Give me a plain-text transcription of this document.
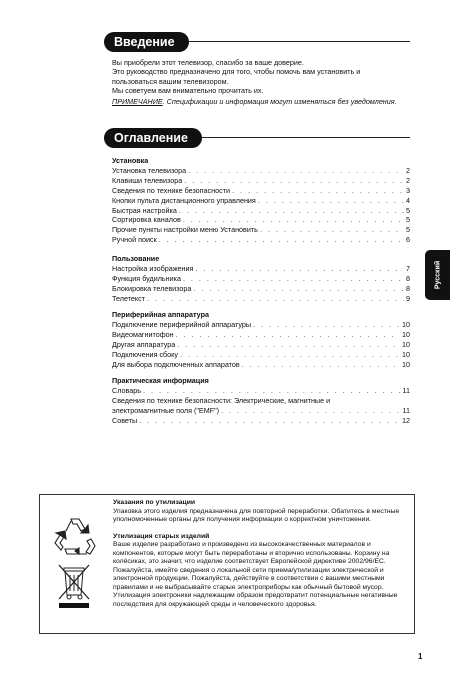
Введение

Вы приобрели этот телевизор, спасибо за ваше доверие.

Это руководство предназначено для того, чтобы помочь вам установить и пользоваться вашим телевизором.

Мы советуем вам внимательно прочитать их.

ПРИМЕЧАНИЕ. Спецификации и информация могут изменяться без уведомления.

Оглавление
Установка
Установка телевизора . . .	2
Клавиши телевизора . . .	2
Сведения по технике безопасности . . .	3
Кнопки пульта дистанционного управления . . .	4
Быстрая настройка . . .	5
Сортировка каналов . . .	5
Прочие пункты настройки меню Установить . . .	5
Ручной поиск . . .	6
Пользование
Настройка изображения . . .	7
Функция будильника . . .	8
Блокировка телевизора . . .	8
Телетекст . . .	9
Периферийная аппаратура
Подключение периферийной аппаратуры . . .	10
Видеомагнитофон . . .	10
Другая аппаратура . . .	10
Подключения сбоку . . .	10
Для выбора подключенных аппаратов . . .	10
Практическая информация
Словарь . . .	11
Сведения по технике безопасности: Электрические, магнитные и
электромагнитные поля ("EMF") . . .	11
Советы . . .	12
Русский

Указания по утилизации

Упаковка этого изделия предназначена для повторной переработки. Обатитесь в местные уполномоченные органы для получения информации о корректном уничтожении.

Утилизация старых изделий

Ваше изделие разработано и произведено из высококачественных материалов и компонентов, которые могут быть переработаны и вторично использованы. Корзину на колёсиках, это значит, что изделие соответствует Европейской директиве 2002/96/EC. Пожалуйста, имейте сведения о локальной сети приема/утилизации электрической и электронной продукции. Пожалуйста, действуйте в соответствии с вашими местными правилами и не выбрасывайте старые электроприборы как обычный бытовой мусор.

Утилизация электроники надлежащим образом предотвратит потенциальные негативные последствия для окружающей среды и человеческого здоровья.

1
